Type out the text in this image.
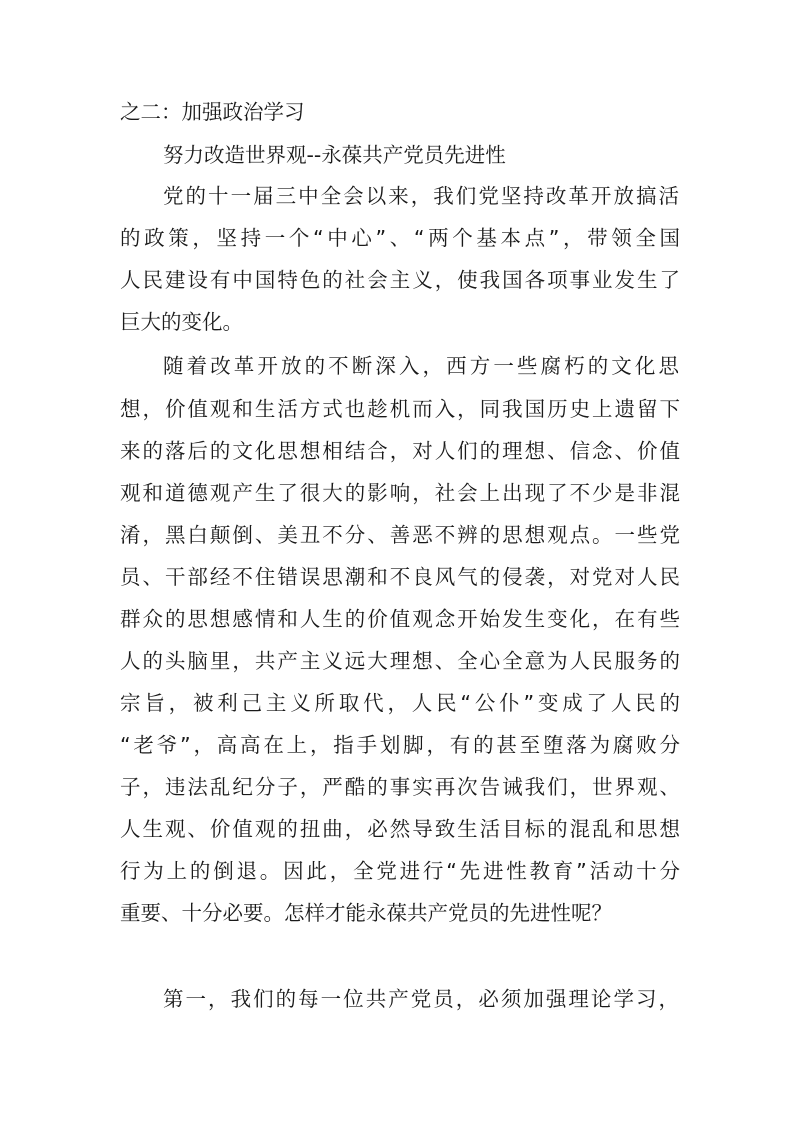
之二：加强政治学习
努力改造世界观--永葆共产党员先进性
党的十一届三中全会以来，我们党坚持改革开放搞活
的政策，坚持一个“中心”、“两个基本点”，带领全国
人民建设有中国特色的社会主义，使我国各项事业发生了
巨大的变化。
随着改革开放的不断深入，西方一些腐朽的文化思
想，价值观和生活方式也趁机而入，同我国历史上遗留下
来的落后的文化思想相结合，对人们的理想、信念、价值
观和道德观产生了很大的影响，社会上出现了不少是非混
淆，黑白颠倒、美丑不分、善恶不辨的思想观点。一些党
员、干部经不住错误思潮和不良风气的侵袭，对党对人民
群众的思想感情和人生的价值观念开始发生变化，在有些
人的头脑里，共产主义远大理想、全心全意为人民服务的
宗旨，被利己主义所取代，人民“公仆”变成了人民的
“老爷”，高高在上，指手划脚，有的甚至堕落为腐败分
子，违法乱纪分子，严酷的事实再次告诫我们，世界观、
人生观、价值观的扭曲，必然导致生活目标的混乱和思想
行为上的倒退。因此，全党进行“先进性教育”活动十分
重要、十分必要。怎样才能永葆共产党员的先进性呢？
第一，我们的每一位共产党员，必须加强理论学习，
